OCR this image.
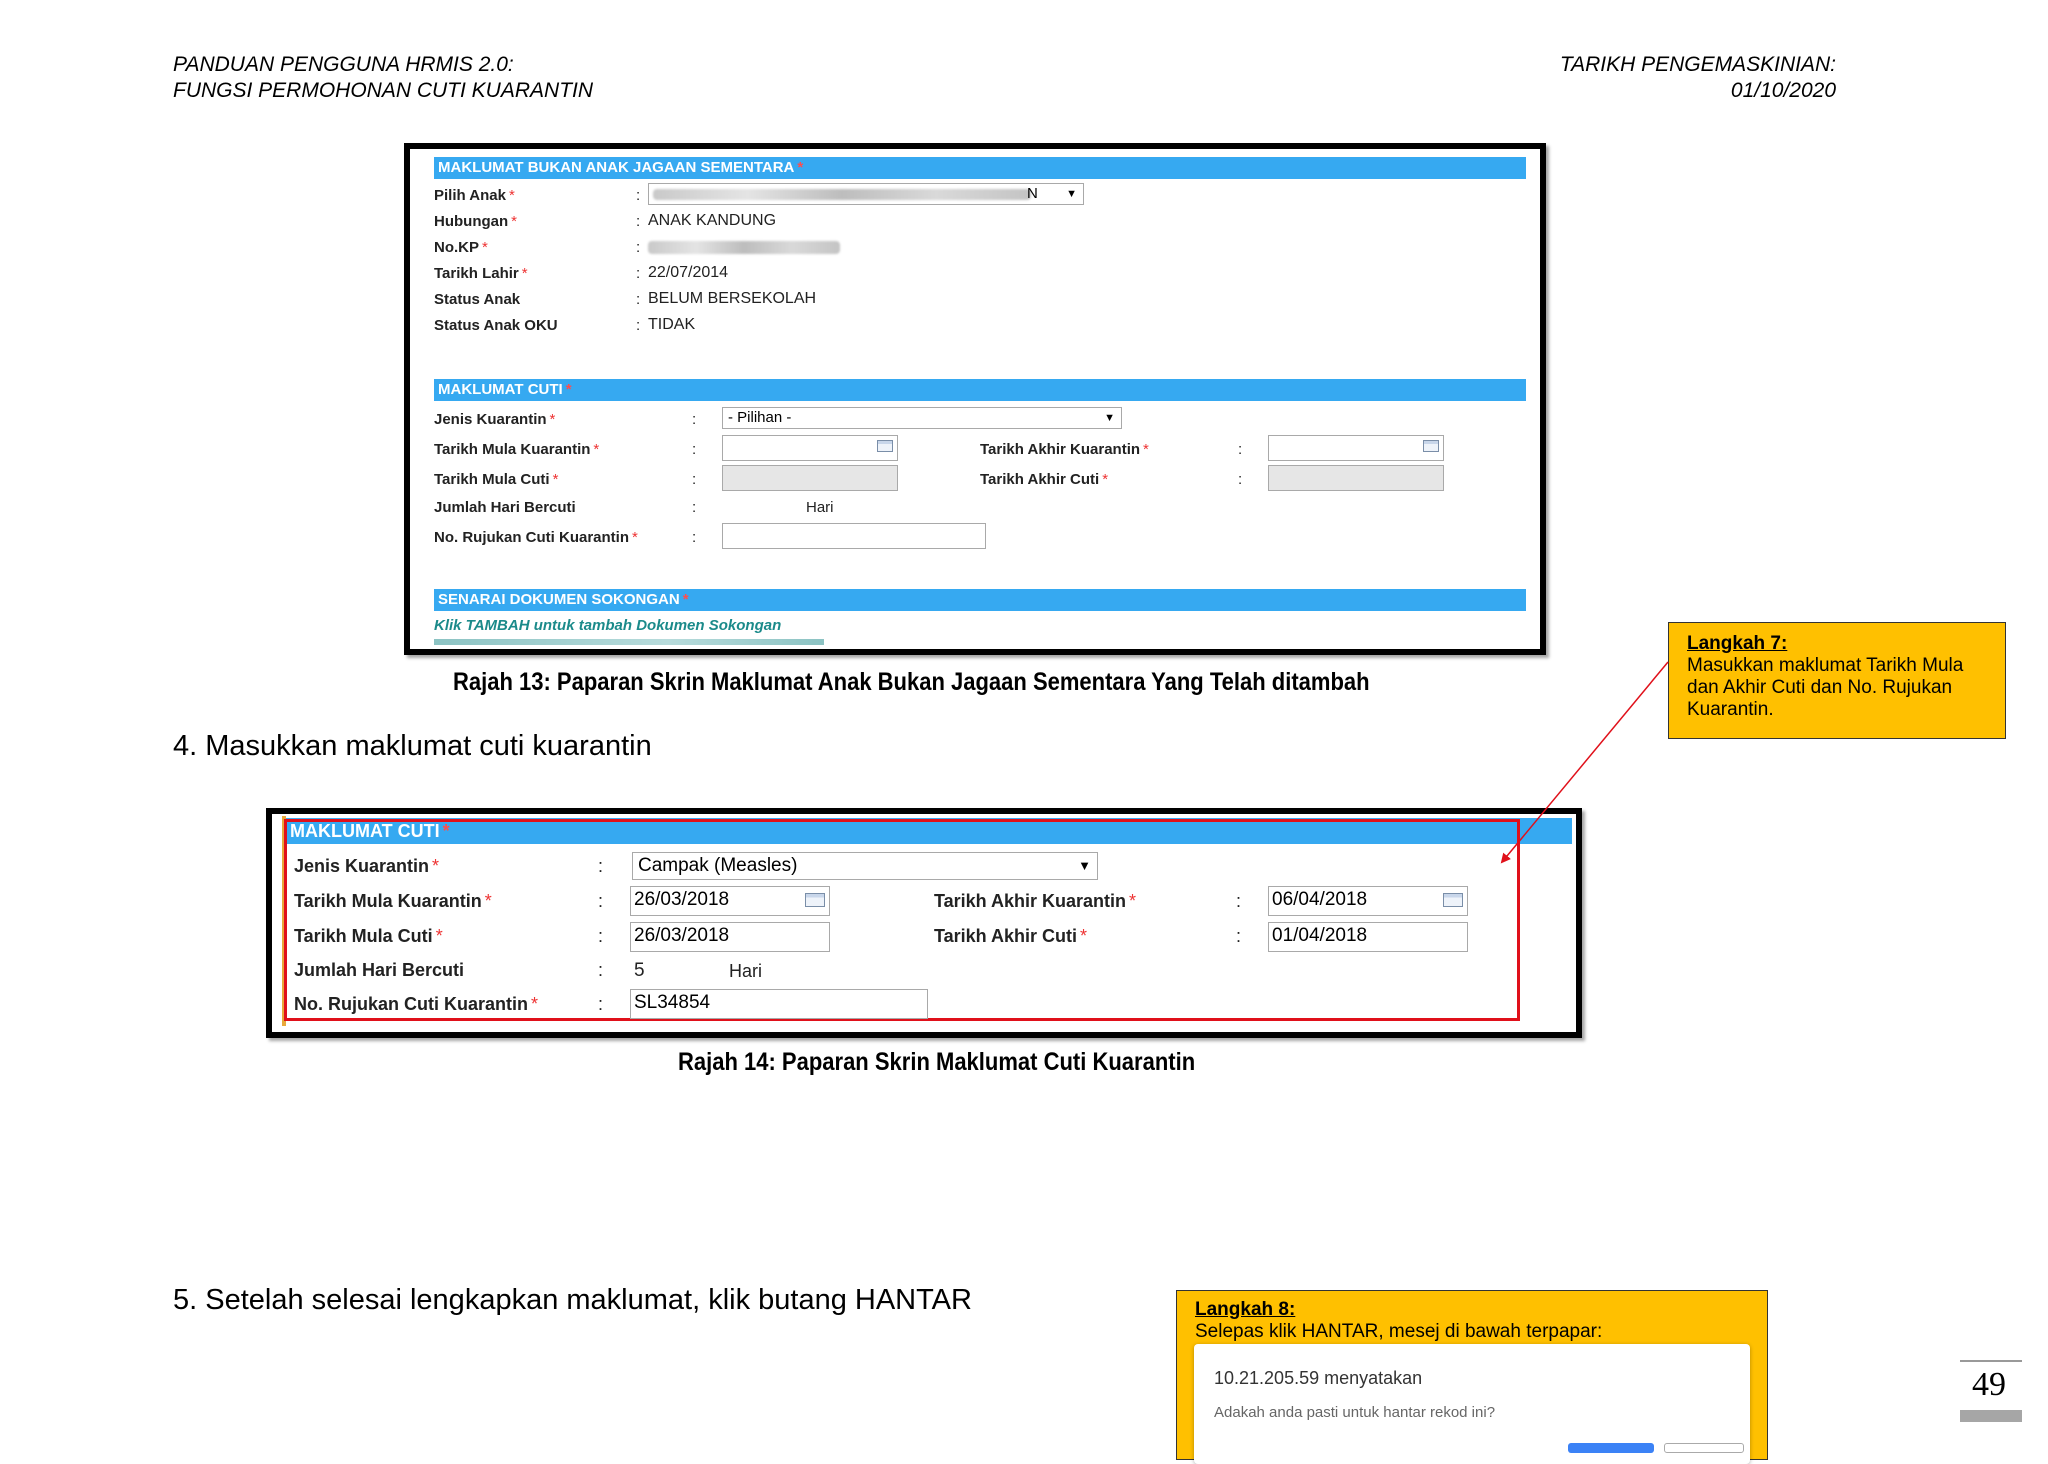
PANDUAN PENGGUNA HRMIS 2.0:
FUNGSI PERMOHONAN CUTI KUARANTIN
TARIKH PENGEMASKINIAN:
01/10/2020
MAKLUMAT BUKAN ANAK JAGAAN SEMENTARA *
Pilih Anak *	:	N	▼
Hubungan *	: ANAK KANDUNG
No.KP *	:
Tarikh Lahir *	: 22/07/2014
Status Anak	: BELUM BERSEKOLAH
Status Anak OKU	: TIDAK
MAKLUMAT CUTI *
Jenis Kuarantin *	:	- Pilihan -	▼
Tarikh Mula Kuarantin *	:	Tarikh Akhir Kuarantin *	:
Tarikh Mula Cuti *	:	Tarikh Akhir Cuti *	:
Jumlah Hari Bercuti	:	Hari
No. Rujukan Cuti Kuarantin *	:
SENARAI DOKUMEN SOKONGAN *
Klik TAMBAH untuk tambah Dokumen Sokongan
Rajah 13: Paparan Skrin Maklumat Anak Bukan Jagaan Sementara Yang Telah ditambah
4. Masukkan maklumat cuti kuarantin
MAKLUMAT CUTI *
Jenis Kuarantin *	:	Campak (Measles)	▼
Tarikh Mula Kuarantin *	: 26/03/2018	Tarikh Akhir Kuarantin *	: 06/04/2018
Tarikh Mula Cuti *	: 26/03/2018	Tarikh Akhir Cuti *	: 01/04/2018
Jumlah Hari Bercuti	: 5	Hari
No. Rujukan Cuti Kuarantin *	: SL34854
Rajah 14: Paparan Skrin Maklumat Cuti Kuarantin
Langkah 7:
Masukkan maklumat Tarikh Mula dan Akhir Cuti dan No. Rujukan Kuarantin.
5. Setelah selesai lengkapkan maklumat, klik butang HANTAR	Langkah 8:
Selepas klik HANTAR, mesej di bawah terpapar:
10.21.205.59 menyatakan
Adakah anda pasti untuk hantar rekod ini?
49
